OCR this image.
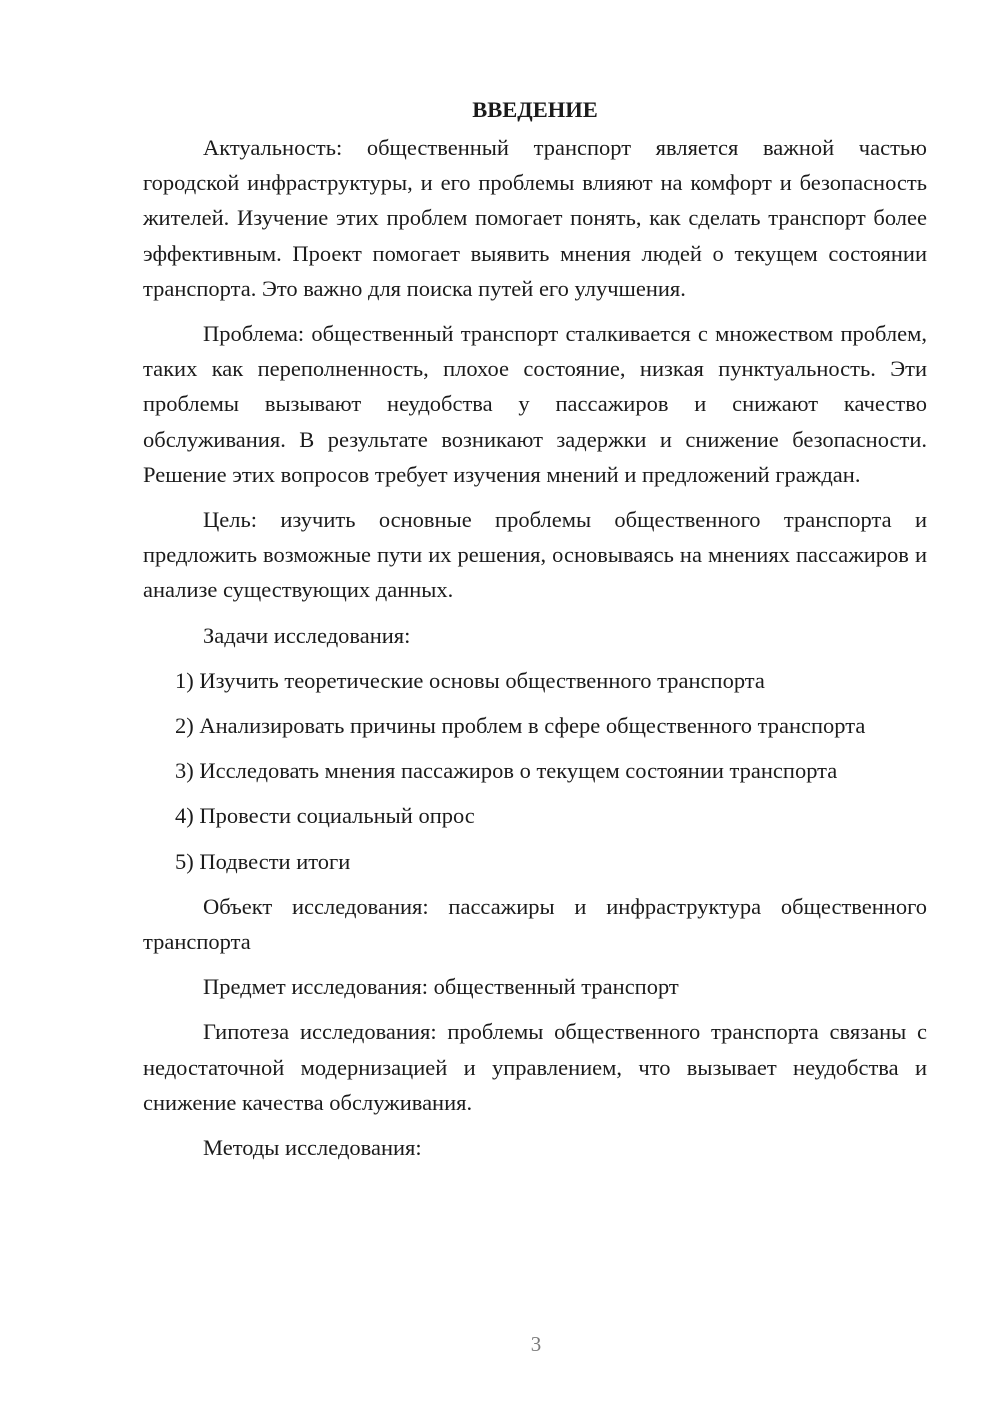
ВВЕДЕНИЕ

Актуальность: общественный транспорт является важной частью городской инфраструктуры, и его проблемы влияют на комфорт и безопасность жителей. Изучение этих проблем помогает понять, как сделать транспорт более эффективным. Проект помогает выявить мнения людей о текущем состоянии транспорта. Это важно для поиска путей его улучшения.

Проблема: общественный транспорт сталкивается с множеством проблем, таких как переполненность, плохое состояние, низкая пунктуальность. Эти проблемы вызывают неудобства у пассажиров и снижают качество обслуживания. В результате возникают задержки и снижение безопасности. Решение этих вопросов требует изучения мнений и предложений граждан.

Цель: изучить основные проблемы общественного транспорта и предложить возможные пути их решения, основываясь на мнениях пассажиров и анализе существующих данных.

Задачи исследования:

1) Изучить теоретические основы общественного транспорта

2) Анализировать причины проблем в сфере общественного транспорта

3) Исследовать мнения пассажиров о текущем состоянии транспорта

4) Провести социальный опрос

5) Подвести итоги

Объект исследования: пассажиры и инфраструктура общественного транспорта

Предмет исследования: общественный транспорт

Гипотеза исследования: проблемы общественного транспорта связаны с недостаточной модернизацией и управлением, что вызывает неудобства и снижение качества обслуживания.

Методы исследования:

3
